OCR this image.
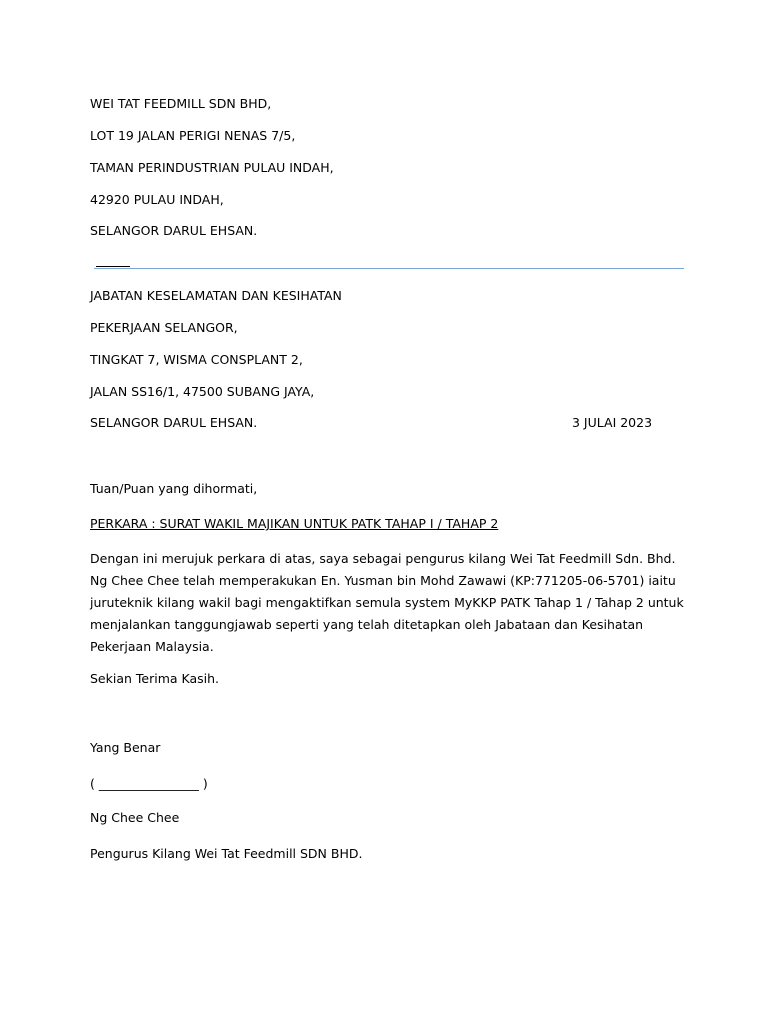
WEI TAT FEEDMILL SDN BHD,
LOT 19 JALAN PERIGI NENAS 7/5,
TAMAN PERINDUSTRIAN PULAU INDAH,
42920 PULAU INDAH,
SELANGOR DARUL EHSAN.
JABATAN KESELAMATAN DAN KESIHATAN
PEKERJAAN SELANGOR,
TINGKAT 7, WISMA CONSPLANT 2,
JALAN SS16/1, 47500 SUBANG JAYA,
SELANGOR DARUL EHSAN.	3 JULAI 2023
Tuan/Puan yang dihormati,
PERKARA : SURAT WAKIL MAJIKAN UNTUK PATK TAHAP I / TAHAP 2

Dengan ini merujuk perkara di atas, saya sebagai pengurus kilang Wei Tat Feedmill Sdn. Bhd.

Ng Chee Chee telah memperakukan En. Yusman bin Mohd Zawawi (KP:771205-06-5701) iaitu

juruteknik kilang wakil bagi mengaktifkan semula system MyKKP PATK Tahap 1 / Tahap 2 untuk

menjalankan tanggungjawab seperti yang telah ditetapkan oleh Jabataan dan Kesihatan

Pekerjaan Malaysia.

Sekian Terima Kasih.
Yang Benar
( ________________ )
Ng Chee Chee
Pengurus Kilang Wei Tat Feedmill SDN BHD.
